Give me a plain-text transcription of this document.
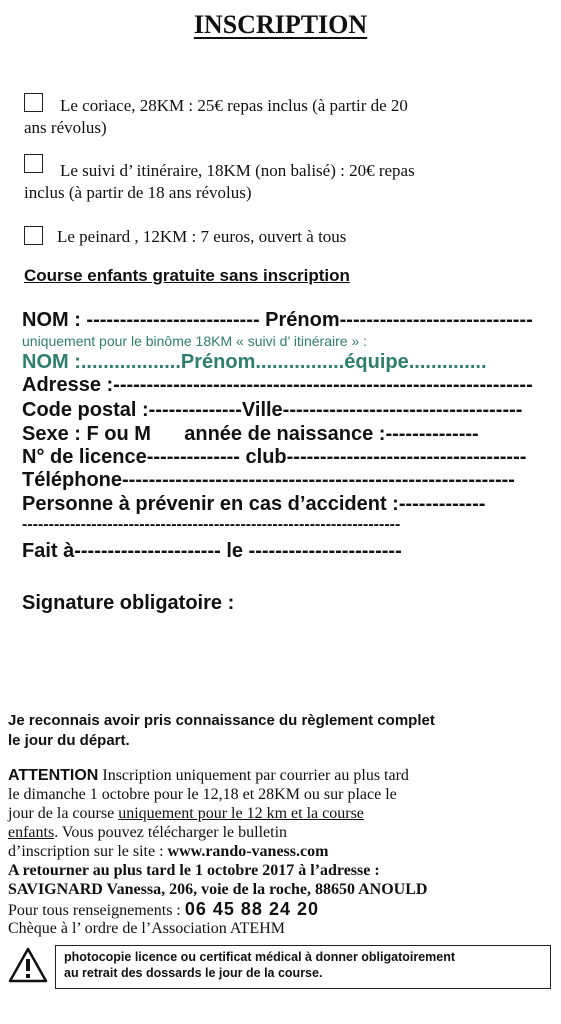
INSCRIPTION
Le coriace, 28KM : 25€ repas inclus (à partir de 20
ans révolus)
Le suivi d’ itinéraire, 18KM (non balisé) : 20€ repas
inclus (à partir de 18 ans révolus)
Le peinard , 12KM : 7 euros, ouvert à tous
Course enfants gratuite sans inscription
NOM : -------------------------- Prénom-----------------------------
uniquement pour le binôme 18KM « suivi d’ itinéraire » :
NOM :..................Prénom................équipe..............
Adresse :---------------------------------------------------------------
Code postal :--------------Ville------------------------------------
Sexe : F ou M      année de naissance :--------------
N° de licence-------------- club------------------------------------
Téléphone-----------------------------------------------------------
Personne à prévenir en cas d’accident :-------------
-----------------------------------------------------------------------
Fait à---------------------- le -----------------------
Signature obligatoire :
Je reconnais avoir pris connaissance du règlement complet
le jour du départ.
ATTENTION Inscription uniquement par courrier au plus tard
le dimanche 1 octobre pour le 12,18 et 28KM ou sur place le
jour de la course uniquement pour le 12 km et la course
enfants. Vous pouvez télécharger le bulletin
d’inscription sur le site : www.rando-vaness.com
A retourner au plus tard le 1 octobre 2017 à l’adresse :
SAVIGNARD Vanessa, 206, voie de la roche, 88650 ANOULD
Pour tous renseignements : 06 45 88 24 20
Chèque à l’ ordre de l’Association ATEHM
photocopie licence ou certificat médical à donner obligatoirement
au retrait des dossards le jour de la course.
